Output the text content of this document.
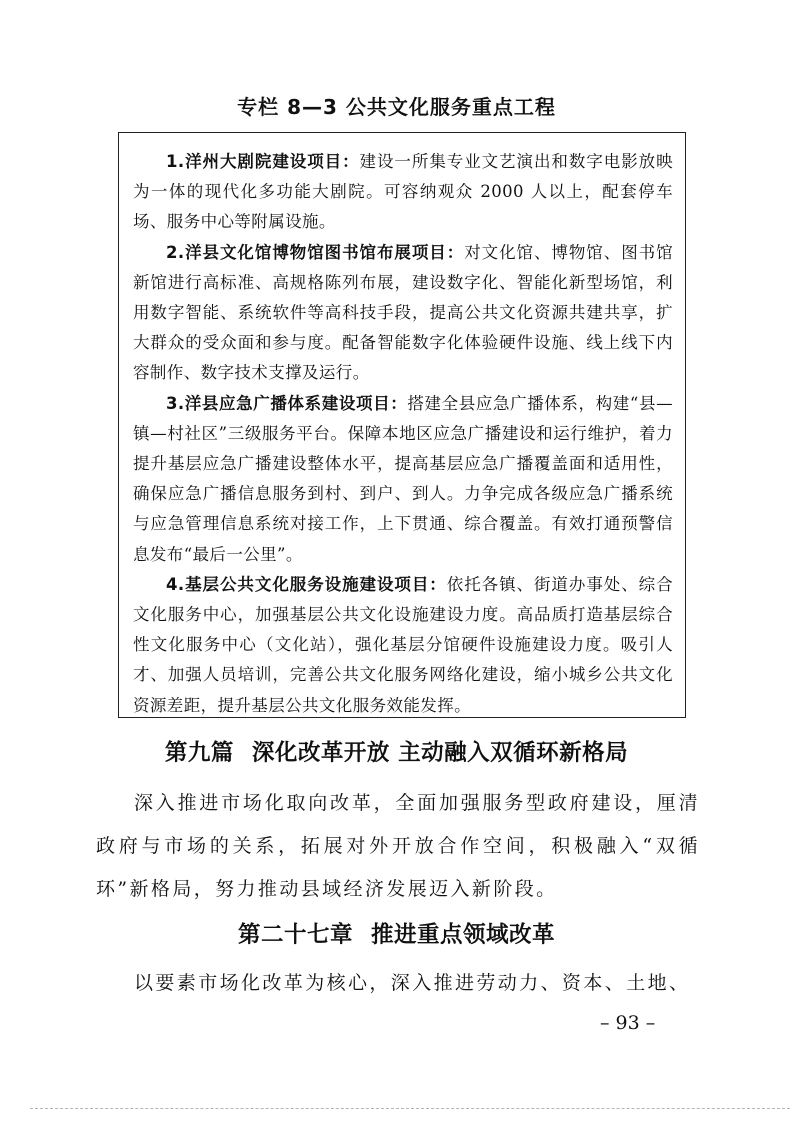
专栏 8—3 公共文化服务重点工程

1.洋州大剧院建设项目：建设一所集专业文艺演出和数字电影放映为一体的现代化多功能大剧院。可容纳观众 2000 人以上，配套停车场、服务中心等附属设施。

2.洋县文化馆博物馆图书馆布展项目：对文化馆、博物馆、图书馆新馆进行高标准、高规格陈列布展，建设数字化、智能化新型场馆，利用数字智能、系统软件等高科技手段，提高公共文化资源共建共享，扩大群众的受众面和参与度。配备智能数字化体验硬件设施、线上线下内容制作、数字技术支撑及运行。

3.洋县应急广播体系建设项目：搭建全县应急广播体系，构建“县—镇—村社区”三级服务平台。保障本地区应急广播建设和运行维护，着力提升基层应急广播建设整体水平，提高基层应急广播覆盖面和适用性，确保应急广播信息服务到村、到户、到人。力争完成各级应急广播系统与应急管理信息系统对接工作，上下贯通、综合覆盖。有效打通预警信息发布“最后一公里”。

4.基层公共文化服务设施建设项目：依托各镇、街道办事处、综合文化服务中心，加强基层公共文化设施建设力度。高品质打造基层综合性文化服务中心（文化站），强化基层分馆硬件设施建设力度。吸引人才、加强人员培训，完善公共文化服务网络化建设，缩小城乡公共文化资源差距，提升基层公共文化服务效能发挥。

第九篇 深化改革开放 主动融入双循环新格局

深入推进市场化取向改革，全面加强服务型政府建设，厘清政府与市场的关系，拓展对外开放合作空间，积极融入“双循环”新格局，努力推动县域经济发展迈入新阶段。

第二十七章 推进重点领域改革

以要素市场化改革为核心，深入推进劳动力、资本、土地、

– 93 –
